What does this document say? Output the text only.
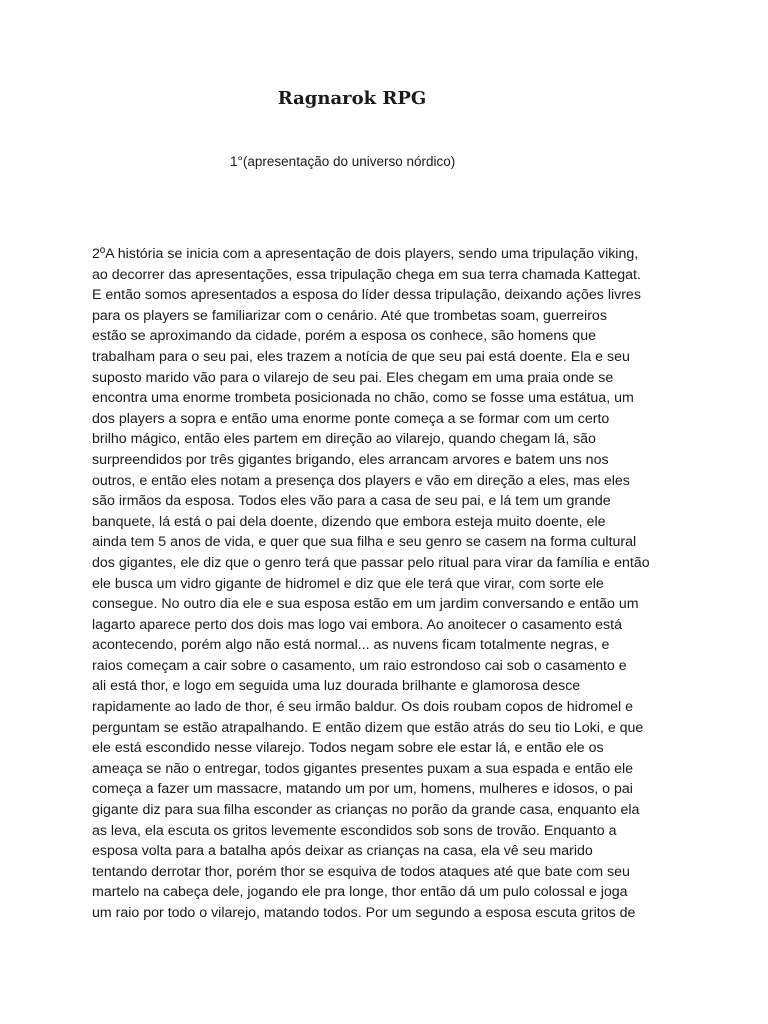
Ragnarok RPG

1°(apresentação do universo nórdico)

2ºA história se inicia com a apresentação de dois players, sendo uma tripulação viking,
ao decorrer das apresentações, essa tripulação chega em sua terra chamada Kattegat.
E então somos apresentados a esposa do líder dessa tripulação, deixando ações livres
para os players se familiarizar com o cenário. Até que trombetas soam, guerreiros
estão se aproximando da cidade, porém a esposa os conhece, são homens que
trabalham para o seu pai, eles trazem a notícia de que seu pai está doente. Ela e seu
suposto marido vão para o vilarejo de seu pai. Eles chegam em uma praia onde se
encontra uma enorme trombeta posicionada no chão, como se fosse uma estátua, um
dos players a sopra e então uma enorme ponte começa a se formar com um certo
brilho mágico, então eles partem em direção ao vilarejo, quando chegam lá, são
surpreendidos por três gigantes brigando, eles arrancam arvores e batem uns nos
outros, e então eles notam a presença dos players e vão em direção a eles, mas eles
são irmãos da esposa. Todos eles vão para a casa de seu pai, e lá tem um grande
banquete, lá está o pai dela doente, dizendo que embora esteja muito doente, ele
ainda tem 5 anos de vida, e quer que sua filha e seu genro se casem na forma cultural
dos gigantes, ele diz que o genro terá que passar pelo ritual para virar da família e então
ele busca um vidro gigante de hidromel e diz que ele terá que virar, com sorte ele
consegue. No outro dia ele e sua esposa estão em um jardim conversando e então um
lagarto aparece perto dos dois mas logo vai embora. Ao anoitecer o casamento está
acontecendo, porém algo não está normal... as nuvens ficam totalmente negras, e
raios começam a cair sobre o casamento, um raio estrondoso cai sob o casamento e
ali está thor, e logo em seguida uma luz dourada brilhante e glamorosa desce
rapidamente ao lado de thor, é seu irmão baldur. Os dois roubam copos de hidromel e
perguntam se estão atrapalhando. E então dizem que estão atrás do seu tio Loki, e que
ele está escondido nesse vilarejo. Todos negam sobre ele estar lá, e então ele os
ameaça se não o entregar, todos gigantes presentes puxam a sua espada e então ele
começa a fazer um massacre, matando um por um, homens, mulheres e idosos, o pai
gigante diz para sua filha esconder as crianças no porão da grande casa, enquanto ela
as leva, ela escuta os gritos levemente escondidos sob sons de trovão. Enquanto a
esposa volta para a batalha após deixar as crianças na casa, ela vê seu marido
tentando derrotar thor, porém thor se esquiva de todos ataques até que bate com seu
martelo na cabeça dele, jogando ele pra longe, thor então dá um pulo colossal e joga
um raio por todo o vilarejo, matando todos. Por um segundo a esposa escuta gritos de
